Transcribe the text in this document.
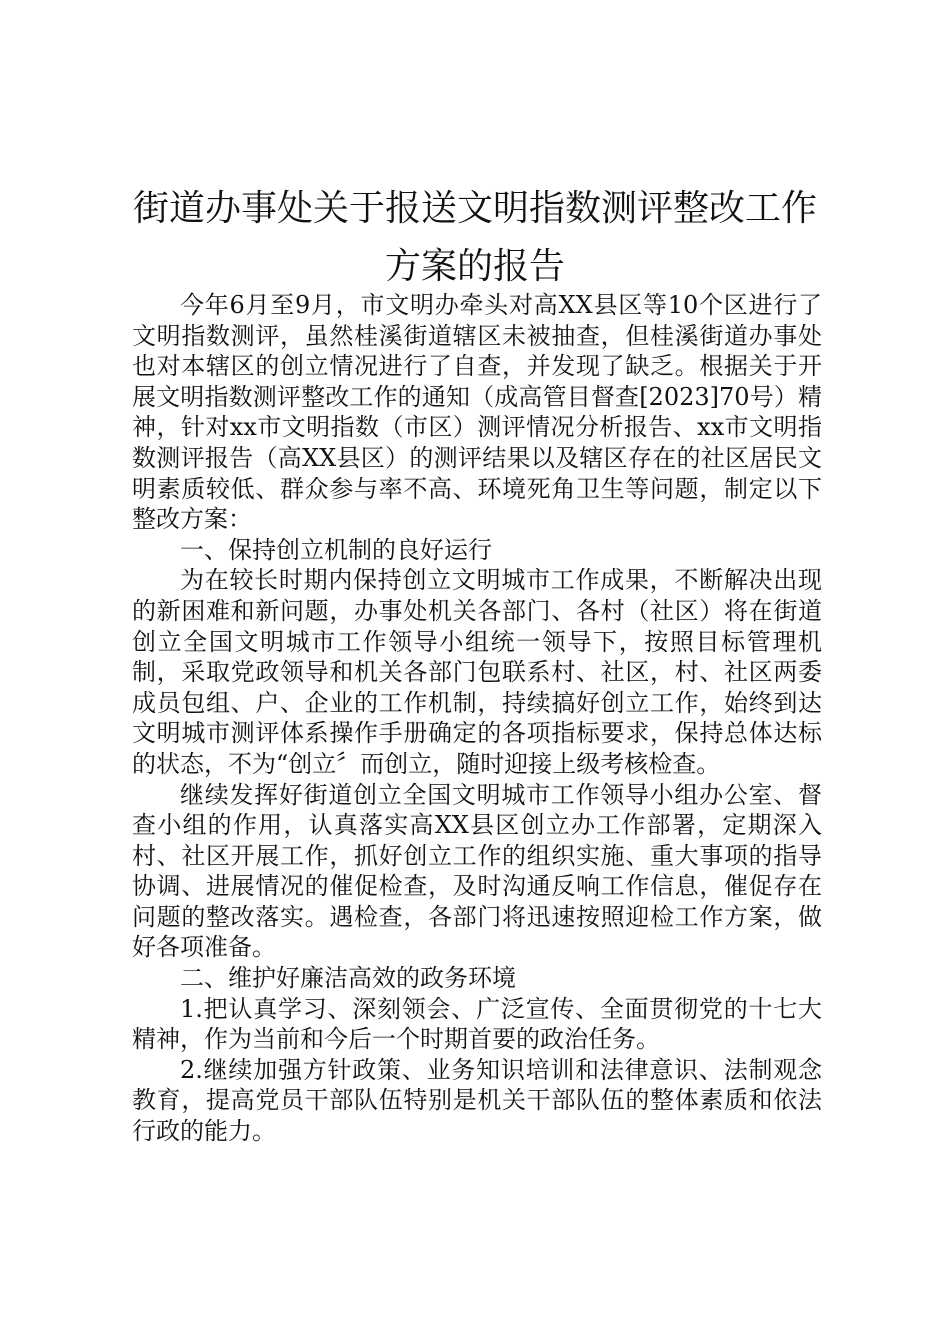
街道办事处关于报送文明指数测评整改工作
方案的报告

今年6月至9月，市文明办牵头对高XX县区等10个区进行了文明指数测评，虽然桂溪街道辖区未被抽查，但桂溪街道办事处也对本辖区的创立情况进行了自查，并发现了缺乏。根据关于开展文明指数测评整改工作的通知（成高管目督查[2023]70号）精神，针对xx市文明指数（市区）测评情况分析报告、xx市文明指数测评报告（高XX县区）的测评结果以及辖区存在的社区居民文明素质较低、群众参与率不高、环境死角卫生等问题，制定以下整改方案：

一、保持创立机制的良好运行

为在较长时期内保持创立文明城市工作成果，不断解决出现的新困难和新问题，办事处机关各部门、各村（社区）将在街道创立全国文明城市工作领导小组统一领导下，按照目标管理机制，采取党政领导和机关各部门包联系村、社区，村、社区两委成员包组、户、企业的工作机制，持续搞好创立工作，始终到达文明城市测评体系操作手册确定的各项指标要求，保持总体达标的状态，不为“创立〞而创立，随时迎接上级考核检查。

继续发挥好街道创立全国文明城市工作领导小组办公室、督查小组的作用，认真落实高XX县区创立办工作部署，定期深入村、社区开展工作，抓好创立工作的组织实施、重大事项的指导协调、进展情况的催促检查，及时沟通反响工作信息，催促存在问题的整改落实。遇检查，各部门将迅速按照迎检工作方案，做好各项准备。

二、维护好廉洁高效的政务环境

1.把认真学习、深刻领会、广泛宣传、全面贯彻党的十七大精神，作为当前和今后一个时期首要的政治任务。

2.继续加强方针政策、业务知识培训和法律意识、法制观念教育，提高党员干部队伍特别是机关干部队伍的整体素质和依法行政的能力。
